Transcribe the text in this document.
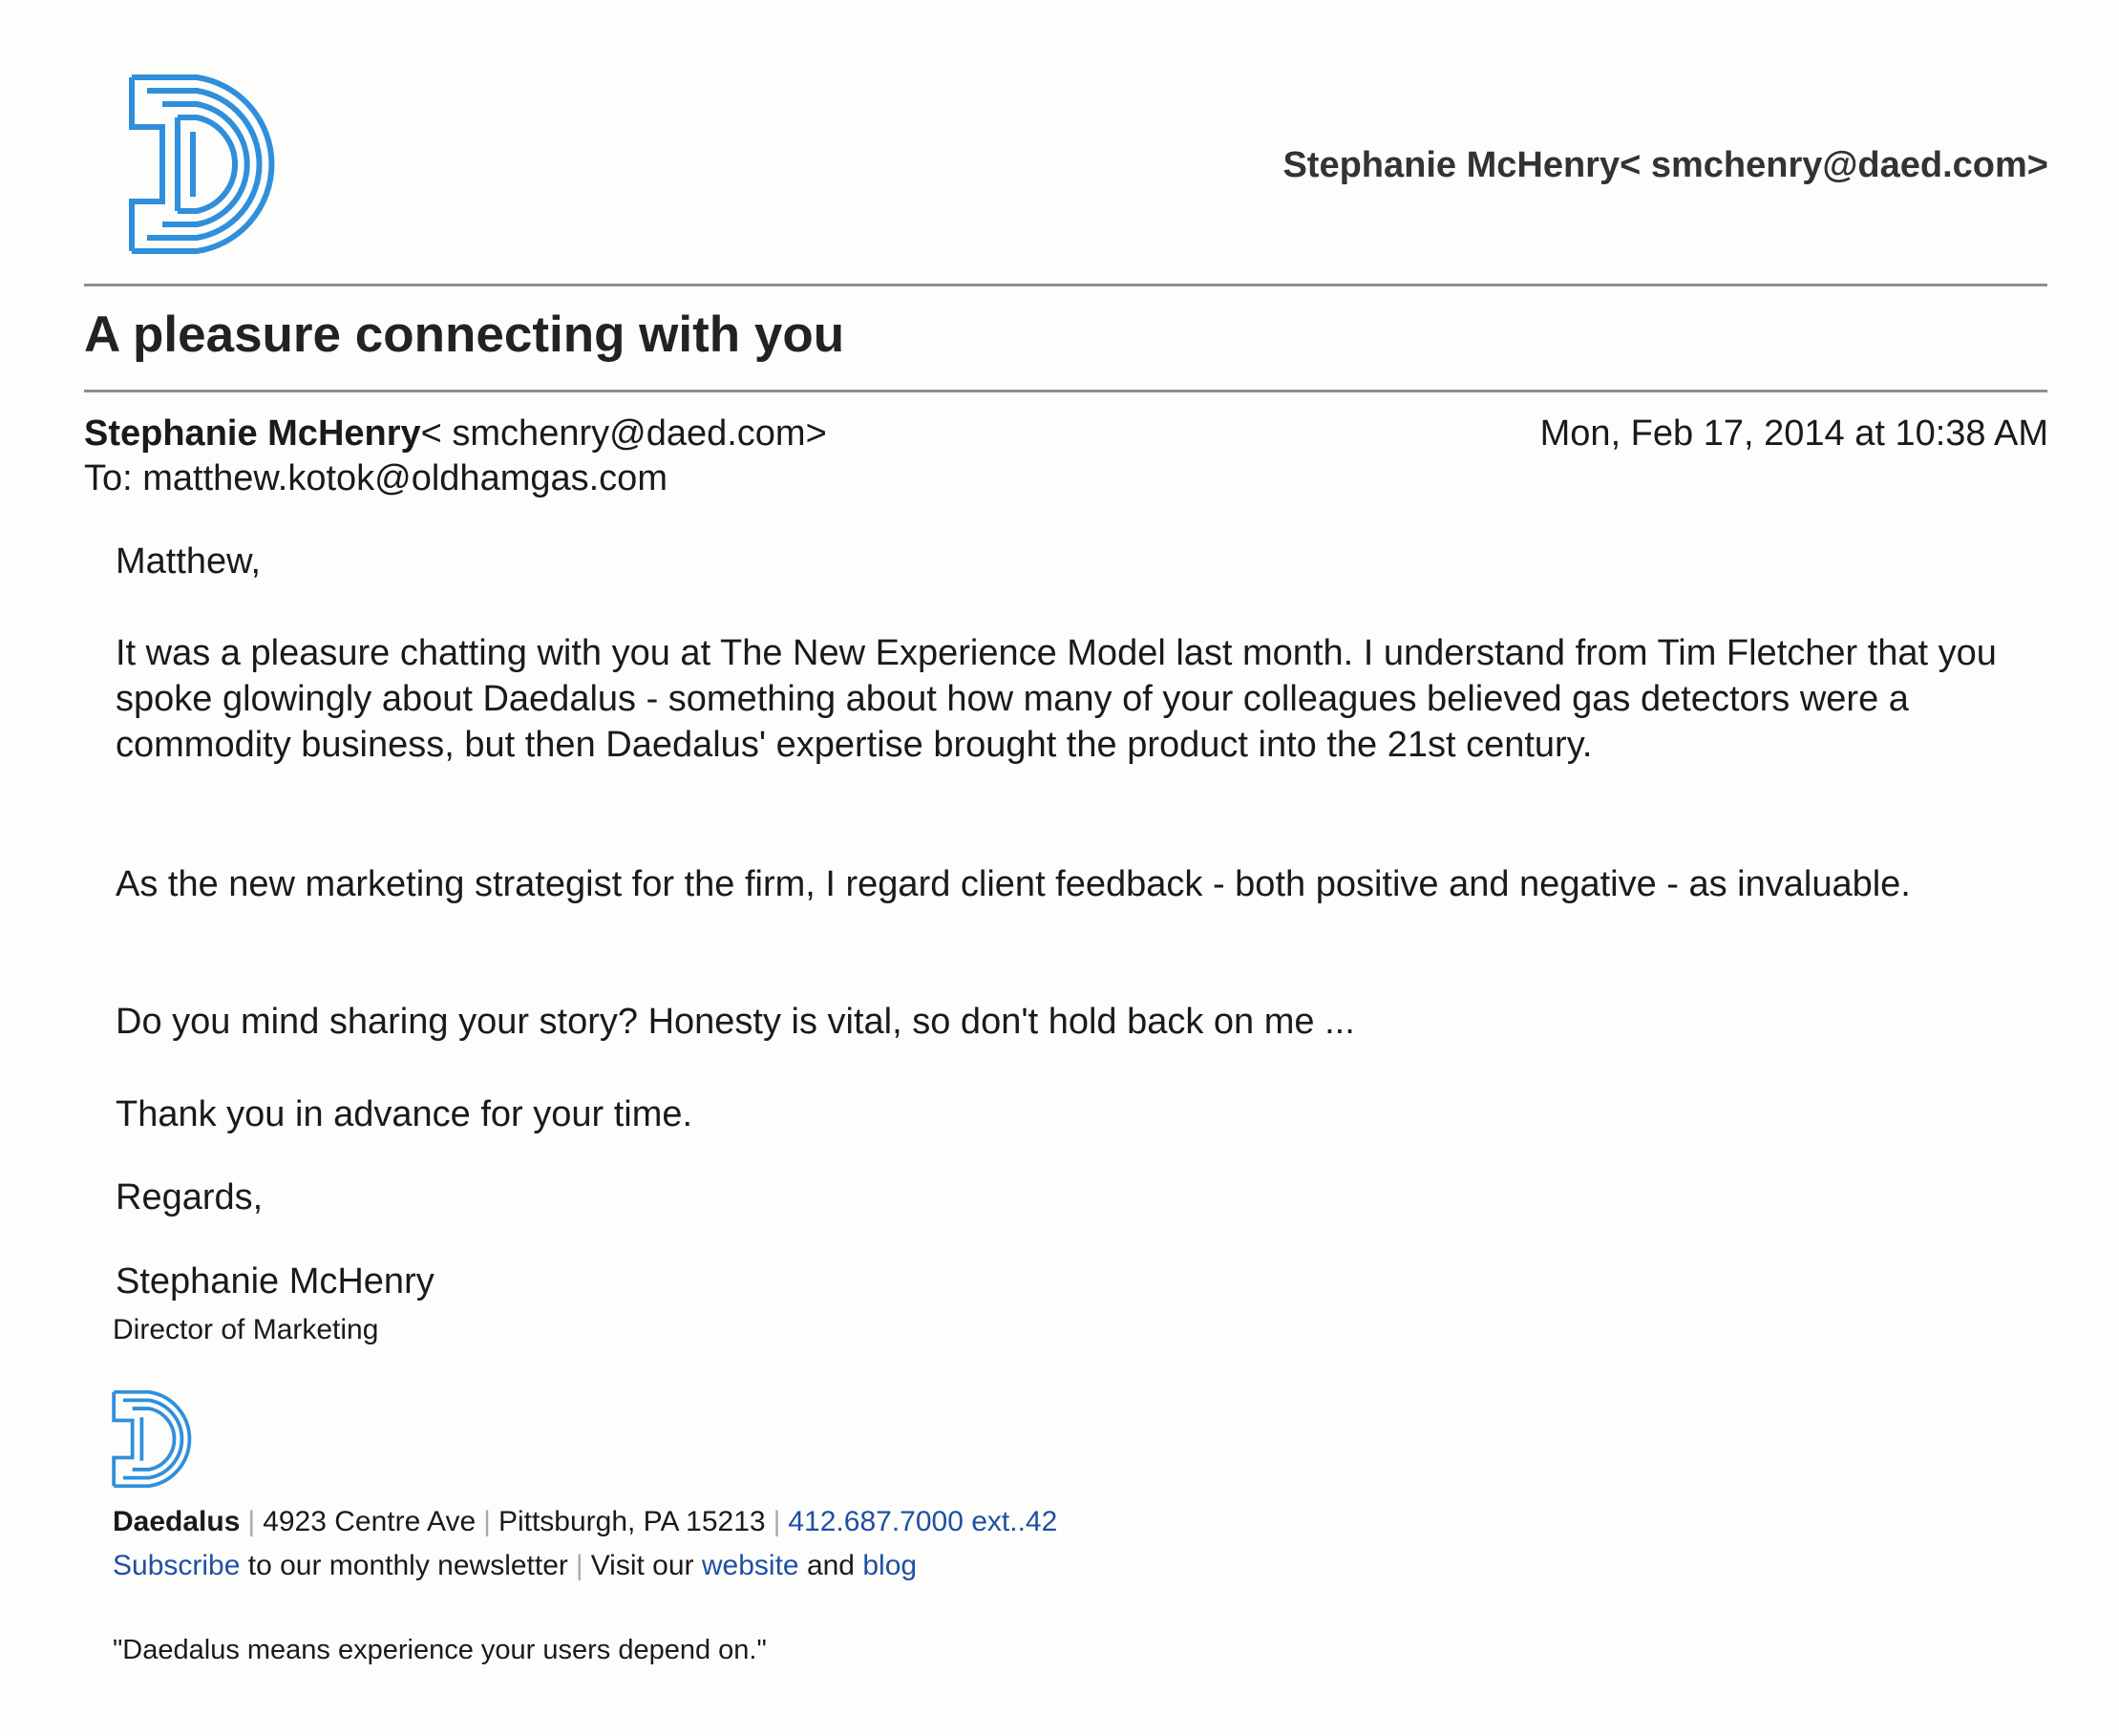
Stephanie McHenry< smchenry@daed.com>
A pleasure connecting with you
Stephanie McHenry< smchenry@daed.com>	Mon, Feb 17, 2014 at 10:38 AM
To: matthew.kotok@oldhamgas.com
Matthew,
It was a pleasure chatting with you at The New Experience Model last month. I understand from Tim Fletcher that you spoke glowingly about Daedalus - something about how many of your colleagues believed gas detectors were a commodity business, but then Daedalus' expertise brought the product into the 21st century.
As the new marketing strategist for the firm, I regard client feedback - both positive and negative - as invaluable.
Do you mind sharing your story? Honesty is vital, so don't hold back on me ...
Thank you in advance for your time.
Regards,
Stephanie McHenry
Director of Marketing
Daedalus | 4923 Centre Ave | Pittsburgh, PA 15213 | 412.687.7000 ext..42
Subscribe to our monthly newsletter | Visit our website and blog
"Daedalus means experience your users depend on."
